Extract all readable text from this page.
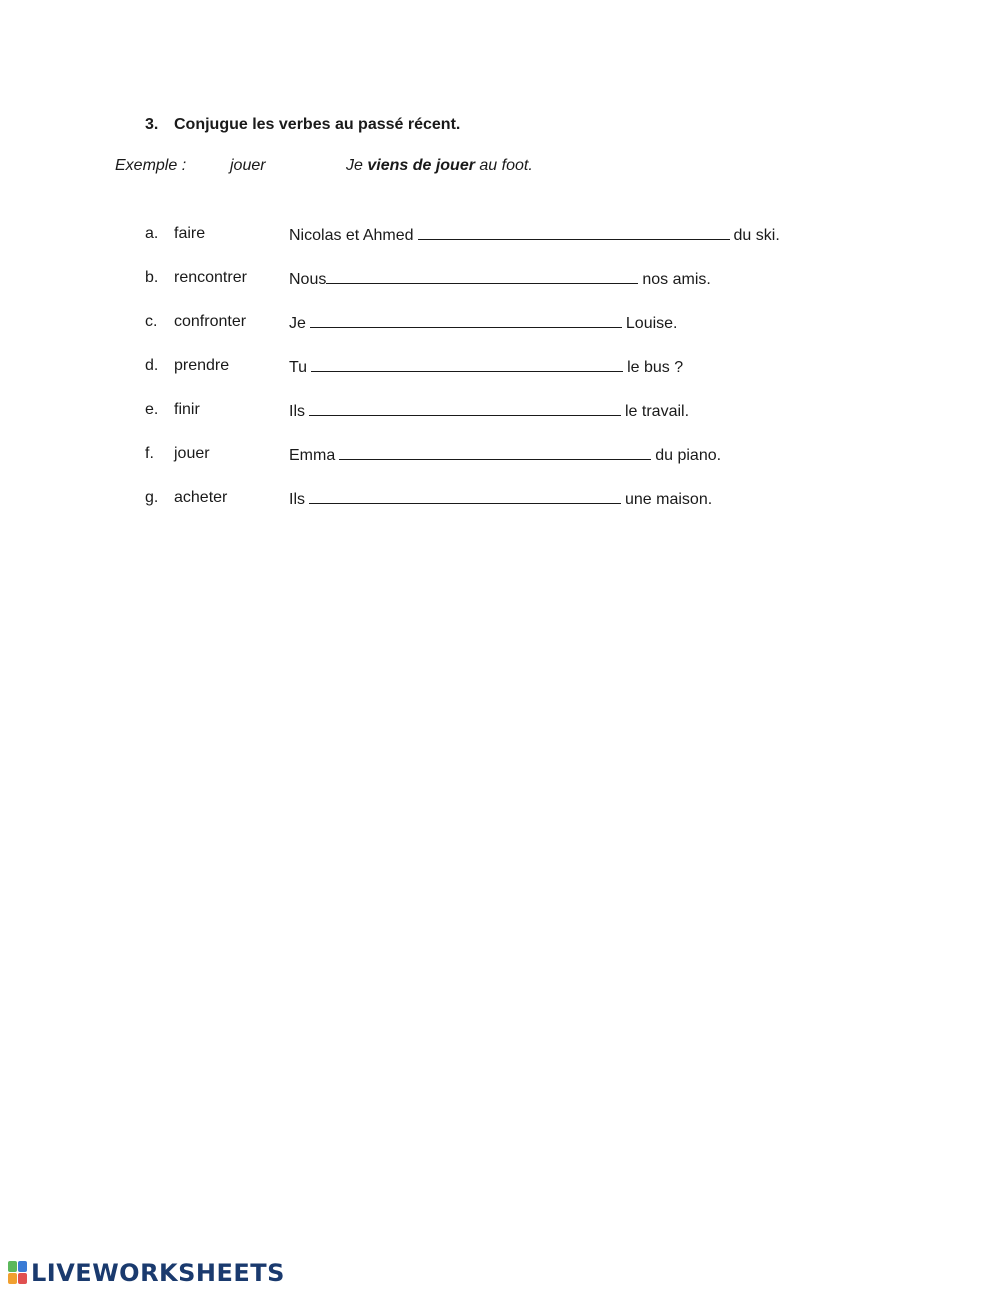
3. Conjugue les verbes au passé récent.
Exemple :	jouer	Je viens de jouer au foot.
a. faire	Nicolas et Ahmed	du ski.
b. rencontrer	Nous	nos amis.
c. confronter	Je	Louise.
d. prendre	Tu	le bus ?
e. finir	Ils	le travail.
f. jouer	Emma	du piano.
g. acheter	Ils	une maison.
LIVEWORKSHEETS
